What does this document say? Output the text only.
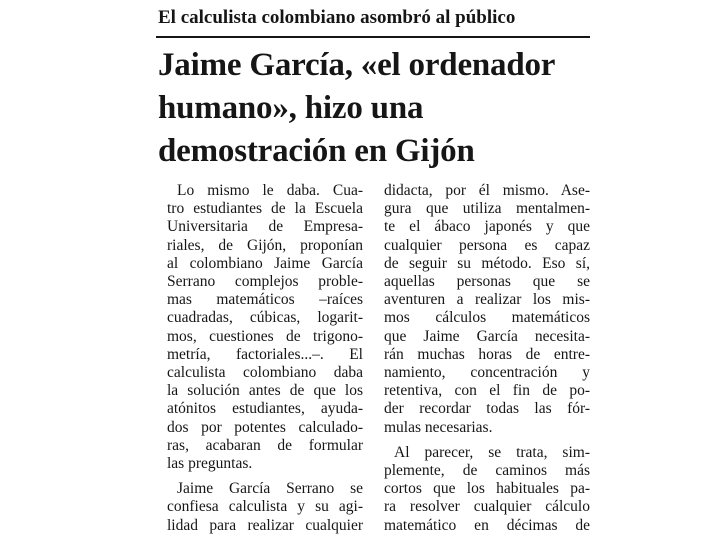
El calculista colombiano asombró al público
Jaime García, «el ordenador
humano», hizo una
demostración en Gijón
Lo mismo le daba. Cua-
tro estudiantes de la Escuela
Universitaria de Empresa-
riales, de Gijón, proponían
al colombiano Jaime García
Serrano complejos proble-
mas matemáticos –raíces
cuadradas, cúbicas, logarit-
mos, cuestiones de trigono-
metría, factoriales...–. El
calculista colombiano daba
la solución antes de que los
atónitos estudiantes, ayuda-
dos por potentes calculado-
ras, acabaran de formular
las preguntas.
Jaime García Serrano se
confiesa calculista y su agi-
lidad para realizar cualquier
didacta, por él mismo. Ase-
gura que utiliza mentalmen-
te el ábaco japonés y que
cualquier persona es capaz
de seguir su método. Eso sí,
aquellas personas que se
aventuren a realizar los mis-
mos cálculos matemáticos
que Jaime García necesita-
rán muchas horas de entre-
namiento, concentración y
retentiva, con el fin de po-
der recordar todas las fór-
mulas necesarias.
Al parecer, se trata, sim-
plemente, de caminos más
cortos que los habituales pa-
ra resolver cualquier cálculo
matemático en décimas de
